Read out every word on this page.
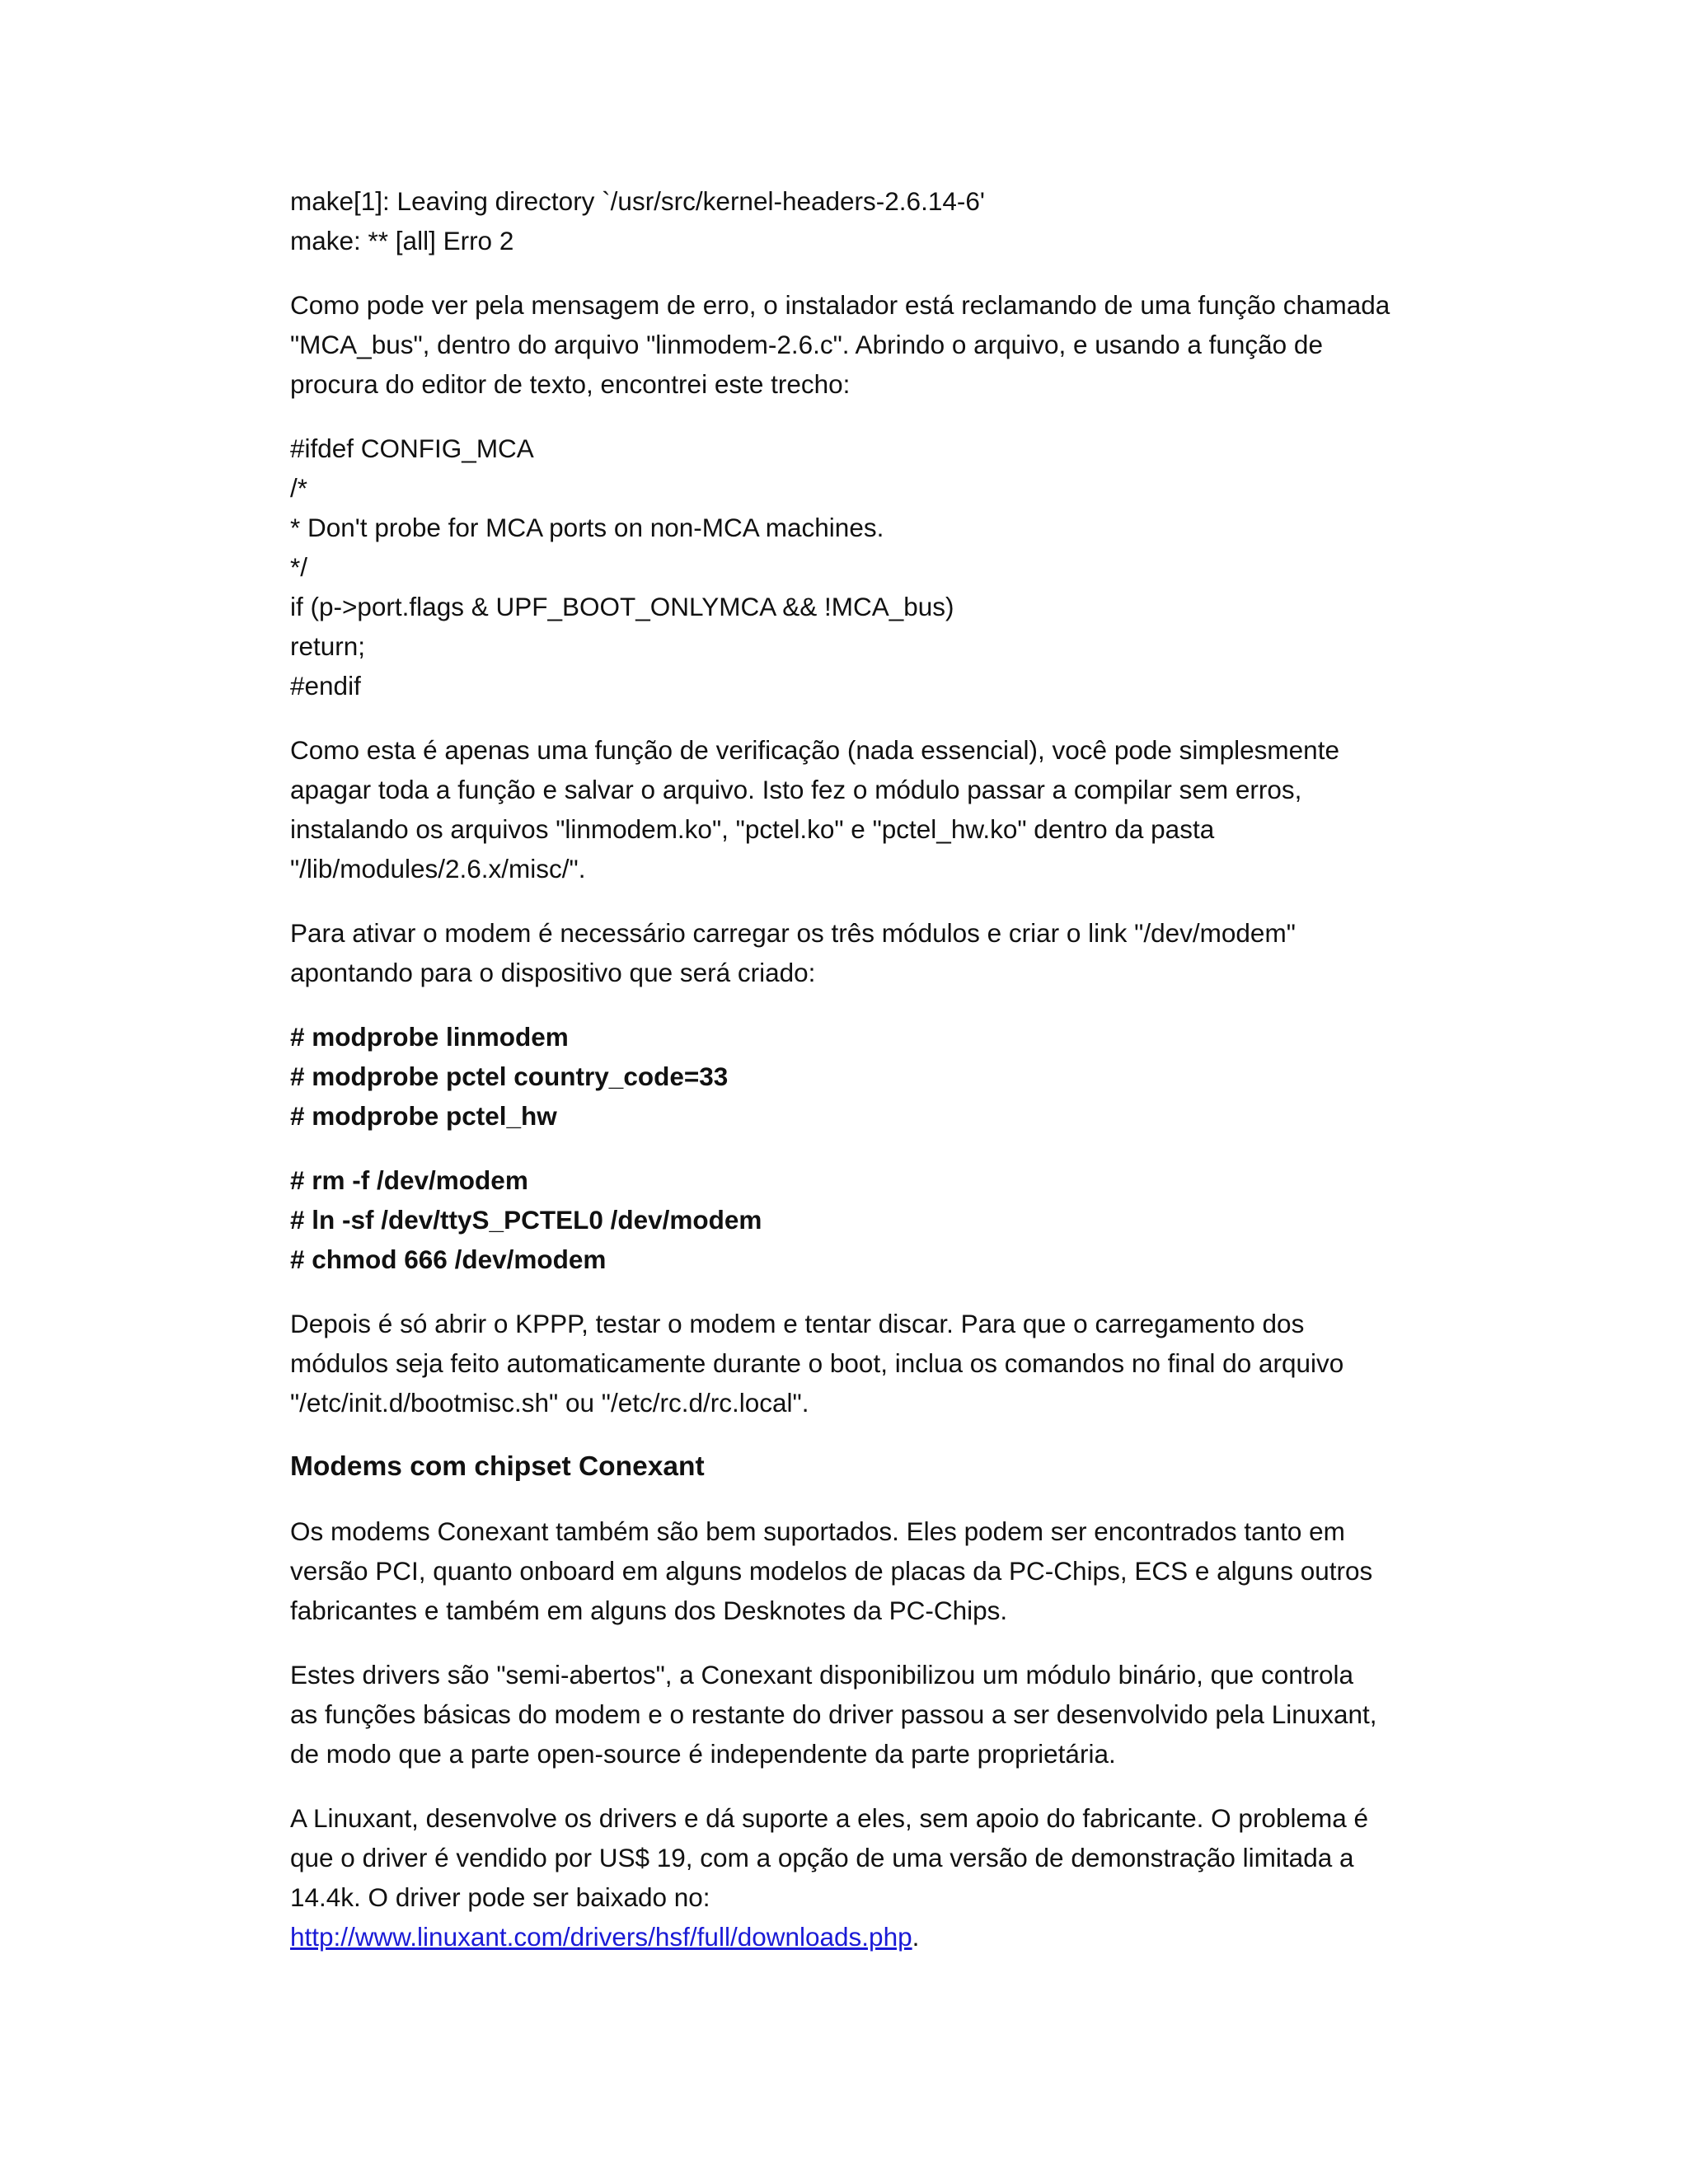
make[1]: Leaving directory `/usr/src/kernel-headers-2.6.14-6'
make: ** [all] Erro 2
Como pode ver pela mensagem de erro, o instalador está reclamando de uma função chamada
"MCA_bus", dentro do arquivo "linmodem-2.6.c". Abrindo o arquivo, e usando a função de
procura do editor de texto, encontrei este trecho:
#ifdef CONFIG_MCA
/*
* Don't probe for MCA ports on non-MCA machines.
*/
if (p->port.flags & UPF_BOOT_ONLYMCA && !MCA_bus)
return;
#endif
Como esta é apenas uma função de verificação (nada essencial), você pode simplesmente
apagar toda a função e salvar o arquivo. Isto fez o módulo passar a compilar sem erros,
instalando os arquivos "linmodem.ko", "pctel.ko" e "pctel_hw.ko" dentro da pasta
"/lib/modules/2.6.x/misc/".
Para ativar o modem é necessário carregar os três módulos e criar o link "/dev/modem"
apontando para o dispositivo que será criado:
# modprobe linmodem
# modprobe pctel country_code=33
# modprobe pctel_hw
# rm -f /dev/modem
# ln -sf /dev/ttyS_PCTEL0 /dev/modem
# chmod 666 /dev/modem
Depois é só abrir o KPPP, testar o modem e tentar discar. Para que o carregamento dos
módulos seja feito automaticamente durante o boot, inclua os comandos no final do arquivo
"/etc/init.d/bootmisc.sh" ou "/etc/rc.d/rc.local".
Modems com chipset Conexant
Os modems Conexant também são bem suportados. Eles podem ser encontrados tanto em
versão PCI, quanto onboard em alguns modelos de placas da PC-Chips, ECS e alguns outros
fabricantes e também em alguns dos Desknotes da PC-Chips.
Estes drivers são "semi-abertos", a Conexant disponibilizou um módulo binário, que controla
as funções básicas do modem e o restante do driver passou a ser desenvolvido pela Linuxant,
de modo que a parte open-source é independente da parte proprietária.
A Linuxant, desenvolve os drivers e dá suporte a eles, sem apoio do fabricante. O problema é
que o driver é vendido por US$ 19, com a opção de uma versão de demonstração limitada a
14.4k. O driver pode ser baixado no:
http://www.linuxant.com/drivers/hsf/full/downloads.php.
